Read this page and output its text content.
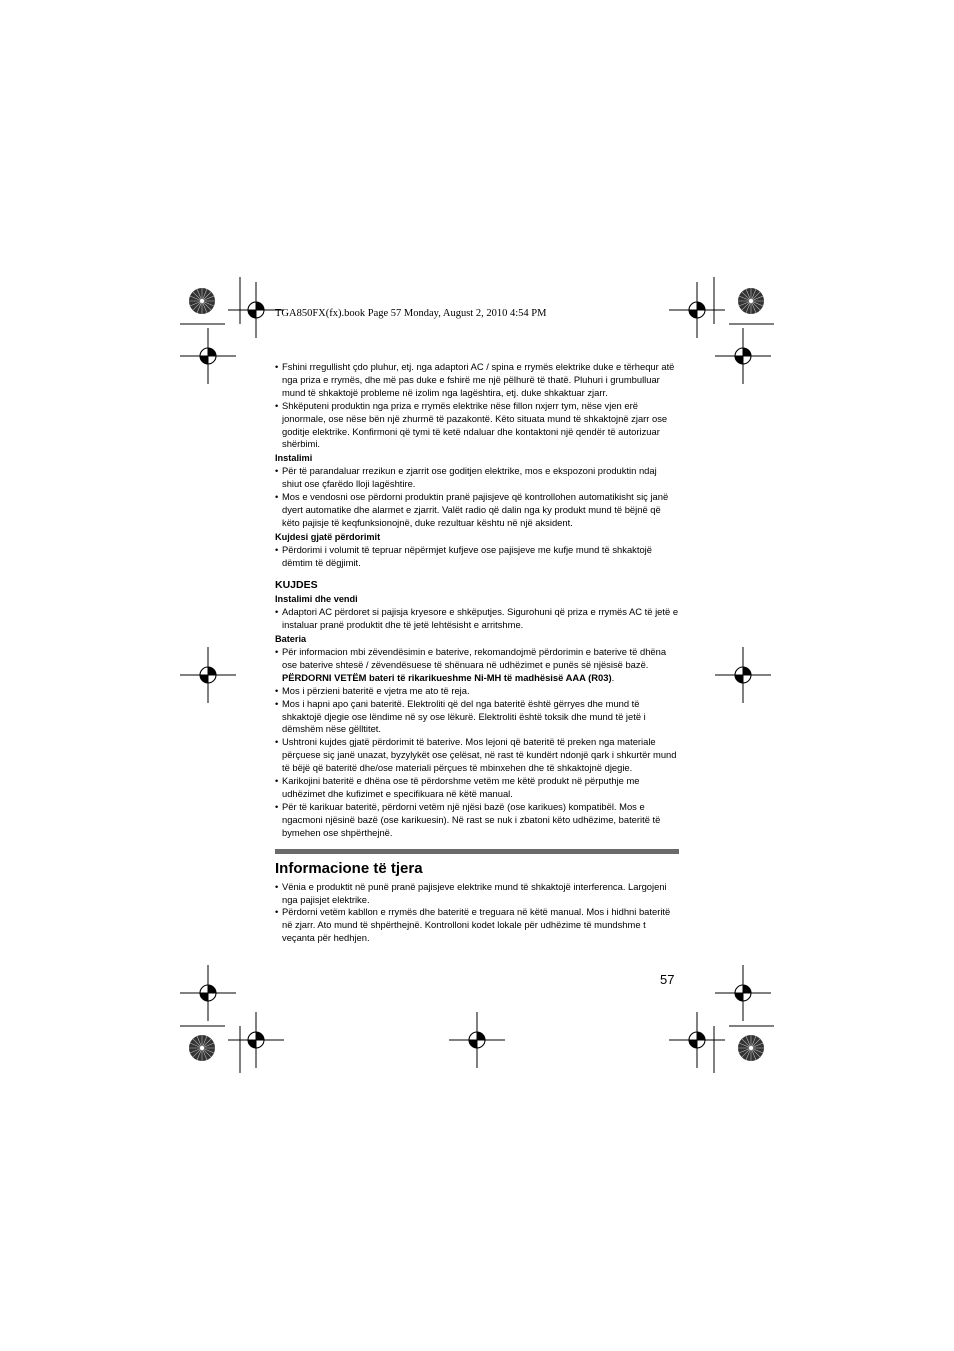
TGA850FX(fx).book Page 57 Monday, August 2, 2010 4:54 PM
• Fshini rregullisht çdo pluhur, etj. nga adaptori AC / spina e rrymës elektrike duke e tërhequr atë nga priza e rrymës, dhe më pas duke e fshirë me një pëlhurë të thatë. Pluhuri i grumbulluar mund të shkaktojë probleme në izolim nga lagështira, etj. duke shkaktuar zjarr.
• Shkëputeni produktin nga priza e rrymës elektrike nëse fillon nxjerr tym, nëse vjen erë jonormale, ose nëse bën një zhurmë të pazakontë. Këto situata mund të shkaktojnë zjarr ose goditje elektrike. Konfirmoni që tymi të ketë ndaluar dhe kontaktoni një qendër të autorizuar shërbimi.
Instalimi
• Për të parandaluar rrezikun e zjarrit ose goditjen elektrike, mos e ekspozoni produktin ndaj shiut ose çfarëdo lloji lagështire.
• Mos e vendosni ose përdorni produktin pranë pajisjeve që kontrollohen automatikisht siç janë dyert automatike dhe alarmet e zjarrit. Valët radio që dalin nga ky produkt mund të bëjnë që këto pajisje të keqfunksionojnë, duke rezultuar kështu në një aksident.
Kujdesi gjatë përdorimit
• Përdorimi i volumit të tepruar nëpërmjet kufjeve ose pajisjeve me kufje mund të shkaktojë dëmtim të dëgjimit.
KUJDES
Instalimi dhe vendi
• Adaptori AC përdoret si pajisja kryesore e shkëputjes. Sigurohuni që priza e rrymës AC të jetë e instaluar pranë produktit dhe të jetë lehtësisht e arritshme.
Bateria
• Për informacion mbi zëvendësimin e baterive, rekomandojmë përdorimin e baterive të dhëna ose baterive shtesë / zëvendësuese të shënuara në udhëzimet e punës së njësisë bazë. PËRDORNI VETËM bateri të rikarikueshme Ni-MH të madhësisë AAA (R03).
• Mos i përzieni bateritë e vjetra me ato të reja.
• Mos i hapni apo çani bateritë. Elektroliti që del nga bateritë është gërryes dhe mund të shkaktojë djegie ose lëndime në sy ose lëkurë. Elektroliti është toksik dhe mund të jetë i dëmshëm nëse gëlltitet.
• Ushtroni kujdes gjatë përdorimit të baterive. Mos lejoni që bateritë të preken nga materiale përçuese siç janë unazat, byzylykët ose çelësat, në rast të kundërt ndonjë qark i shkurtër mund të bëjë që bateritë dhe/ose materiali përçues të mbinxehen dhe të shkaktojnë djegie.
• Karikojini bateritë e dhëna ose të përdorshme vetëm me këtë produkt në përputhje me udhëzimet dhe kufizimet e specifikuara në këtë manual.
• Për të karikuar bateritë, përdorni vetëm një njësi bazë (ose karikues) kompatibël. Mos e ngacmoni njësinë bazë (ose karikuesin). Në rast se nuk i zbatoni këto udhëzime, bateritë të bymehen ose shpërthejnë.
Informacione të tjera
• Vënia e produktit në punë pranë pajisjeve elektrike mund të shkaktojë interferenca. Largojeni nga pajisjet elektrike.
• Përdorni vetëm kabllon e rrymës dhe bateritë e treguara në këtë manual. Mos i hidhni bateritë në zjarr. Ato mund të shpërthejnë. Kontrolloni kodet lokale për udhëzime të mundshme t veçanta për hedhjen.
57
